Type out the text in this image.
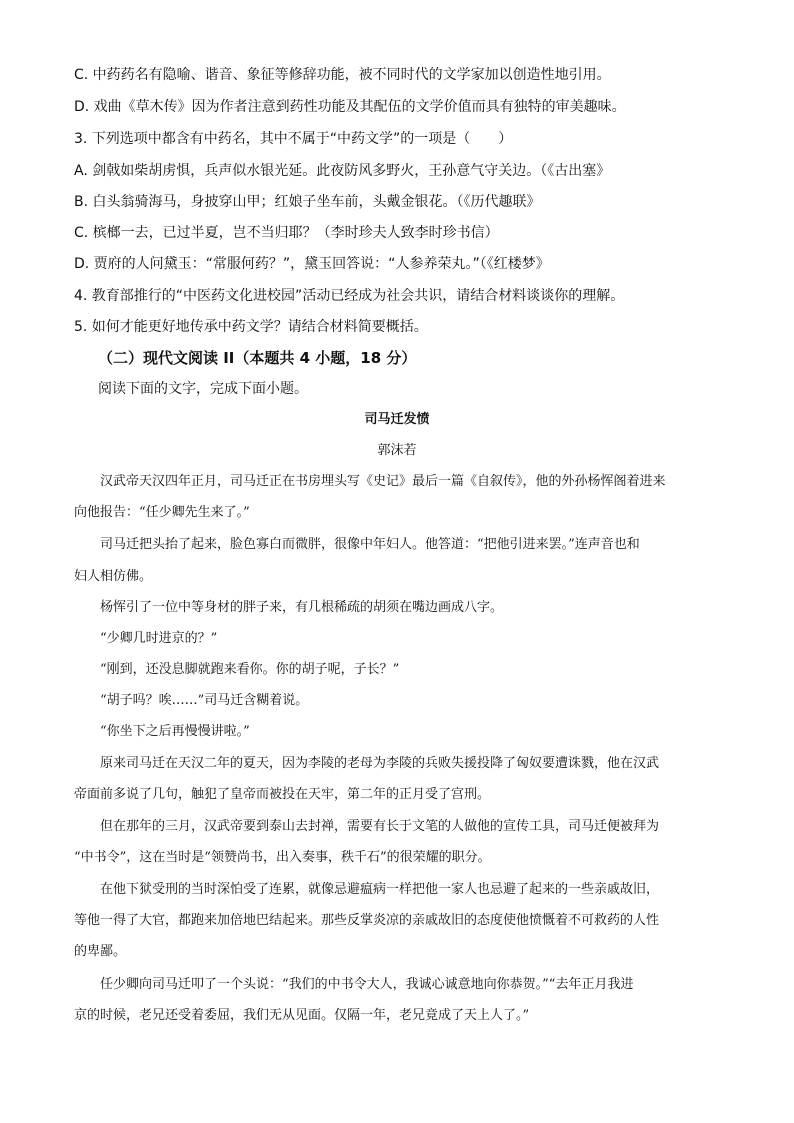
C. 中药药名有隐喻、谐音、象征等修辞功能，被不同时代的文学家加以创造性地引用。

D. 戏曲《草木传》因为作者注意到药性功能及其配伍的文学价值而具有独特的审美趣味。

3. 下列选项中都含有中药名，其中不属于“中药文学”的一项是（　　）

A. 剑戟如柴胡虏惧，兵声似水银光延。此夜防风多野火，王孙意气守关边。（《古出塞》

B. 白头翁骑海马，身披穿山甲；红娘子坐车前，头戴金银花。（《历代趣联》

C. 槟榔一去，已过半夏，岂不当归耶？（李时珍夫人致李时珍书信）

D. 贾府的人问黛玉：“常服何药？”，黛玉回答说：“人参养荣丸。”（《红楼梦》

4. 教育部推行的“中医药文化进校园”活动已经成为社会共识，请结合材料谈谈你的理解。

5. 如何才能更好地传承中药文学？请结合材料简要概括。

（二）现代文阅读 II（本题共 4 小题，18 分）

阅读下面的文字，完成下面小题。

司马迁发愤

郭沫若

汉武帝天汉四年正月，司马迁正在书房埋头写《史记》最后一篇《自叙传》，他的外孙杨恽阁着进来

向他报告：“任少卿先生来了。”

司马迁把头抬了起来，脸色寡白而微胖，很像中年妇人。他答道：“把他引进来罢。”连声音也和

妇人相仿佛。

杨恽引了一位中等身材的胖子来，有几根稀疏的胡须在嘴边画成八字。

“少卿几时进京的？”

“刚到，还没息脚就跑来看你。你的胡子呢，子长？”

“胡子吗？唉……”司马迁含糊着说。

“你坐下之后再慢慢讲啦。”

原来司马迁在天汉二年的夏天，因为李陵的老母为李陵的兵败失援投降了匈奴要遭诛戮，他在汉武

帝面前多说了几句，触犯了皇帝而被投在天牢，第二年的正月受了宫刑。

但在那年的三月，汉武帝要到泰山去封禅，需要有长于文笔的人做他的宣传工具，司马迁便被拜为

“中书令”，这在当时是“领赞尚书，出入奏事，秩千石”的很荣耀的职分。

在他下狱受刑的当时深怕受了连累，就像忌避瘟病一样把他一家人也忌避了起来的一些亲戚故旧，

等他一得了大官，都跑来加倍地巴结起来。那些反掌炎凉的亲戚故旧的态度使他愤慨着不可救药的人性

的卑鄙。

任少卿向司马迁叩了一个头说：“我们的中书令大人，我诚心诚意地向你恭贺。”“去年正月我进

京的时候，老兄还受着委屈，我们无从见面。仅隔一年，老兄竟成了天上人了。”
